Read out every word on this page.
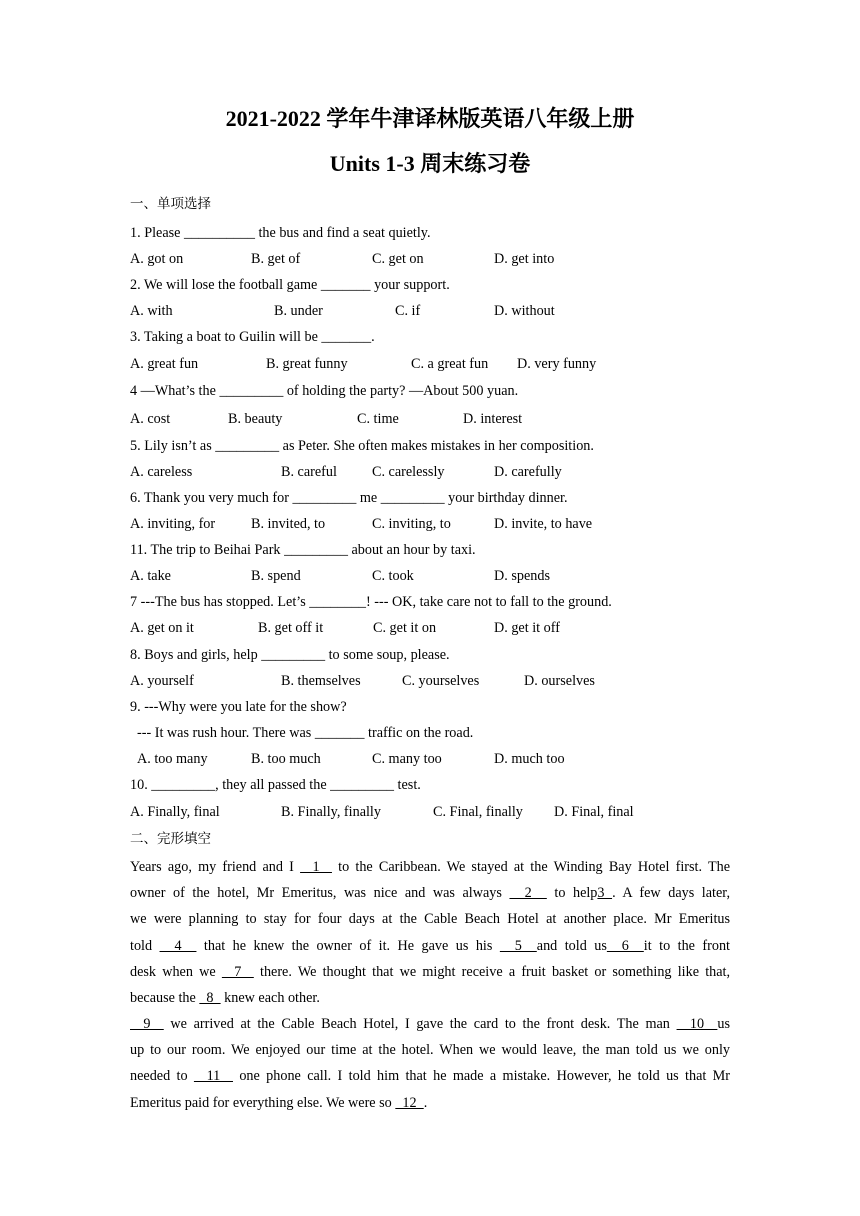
2021-2022 学年牛津译林版英语八年级上册
Units 1-3 周末练习卷
一、单项选择
1. Please __________ the bus and find a seat quietly.
A. got on	B. get of	C. get on	D. get into
2. We will lose the football game _______ your support.
A. with	B. under	C. if	D. without
3. Taking a boat to Guilin will be _______.
A. great fun	B. great funny	C. a great fun D. very funny
4 —What’s the _________ of holding the party? —About 500 yuan.
A. cost	B. beauty	C. time	D. interest
5. Lily isn’t as _________ as Peter. She often makes mistakes in her composition.
A. careless	B. careful C. carelessly	D. carefully
6. Thank you very much for _________ me _________ your birthday dinner.
A. inviting, for	B. invited, to	C. inviting, to	D. invite, to have
11. The trip to Beihai Park _________ about an hour by taxi.
A. take	B. spend	C. took	D. spends
7 ---The bus has stopped. Let’s ________! --- OK, take care not to fall to the ground.
A. get on it	B. get off it	C. get it on	D. get it off
8. Boys and girls, help _________ to some soup, please.
A. yourself	B. themselves	C. yourselves	D. ourselves
9. ---Why were you late for the show?
--- It was rush hour. There was _______ traffic on the road.
A. too many	B. too much	C. many too	D. much too
10. _________, they all passed the _________ test.
A. Finally, final	B. Finally, finally	C. Final, finally D. Final, final
二、完形填空
Years ago, my friend and I   1   to the Caribbean. We stayed at the Winding Bay Hotel first. The
owner of the hotel, Mr Emeritus, was nice and was always   2   to help3 . A few days later,
we were planning to stay for four days at the Cable Beach Hotel at another place. Mr Emeritus
told   4   that he knew the owner of it. He gave us his   5  and told us  6  it to the front
desk when we   7   there. We thought that we might receive a fruit basket or something like that,
because the   8   knew each other.
9   we arrived at the Cable Beach Hotel, I gave the card to the front desk. The man   10  us
up to our room. We enjoyed our time at the hotel. When we would leave, the man told us we only
needed to   11   one phone call. I told him that he made a mistake. However, he told us that Mr
Emeritus paid for everything else. We were so   12  .
